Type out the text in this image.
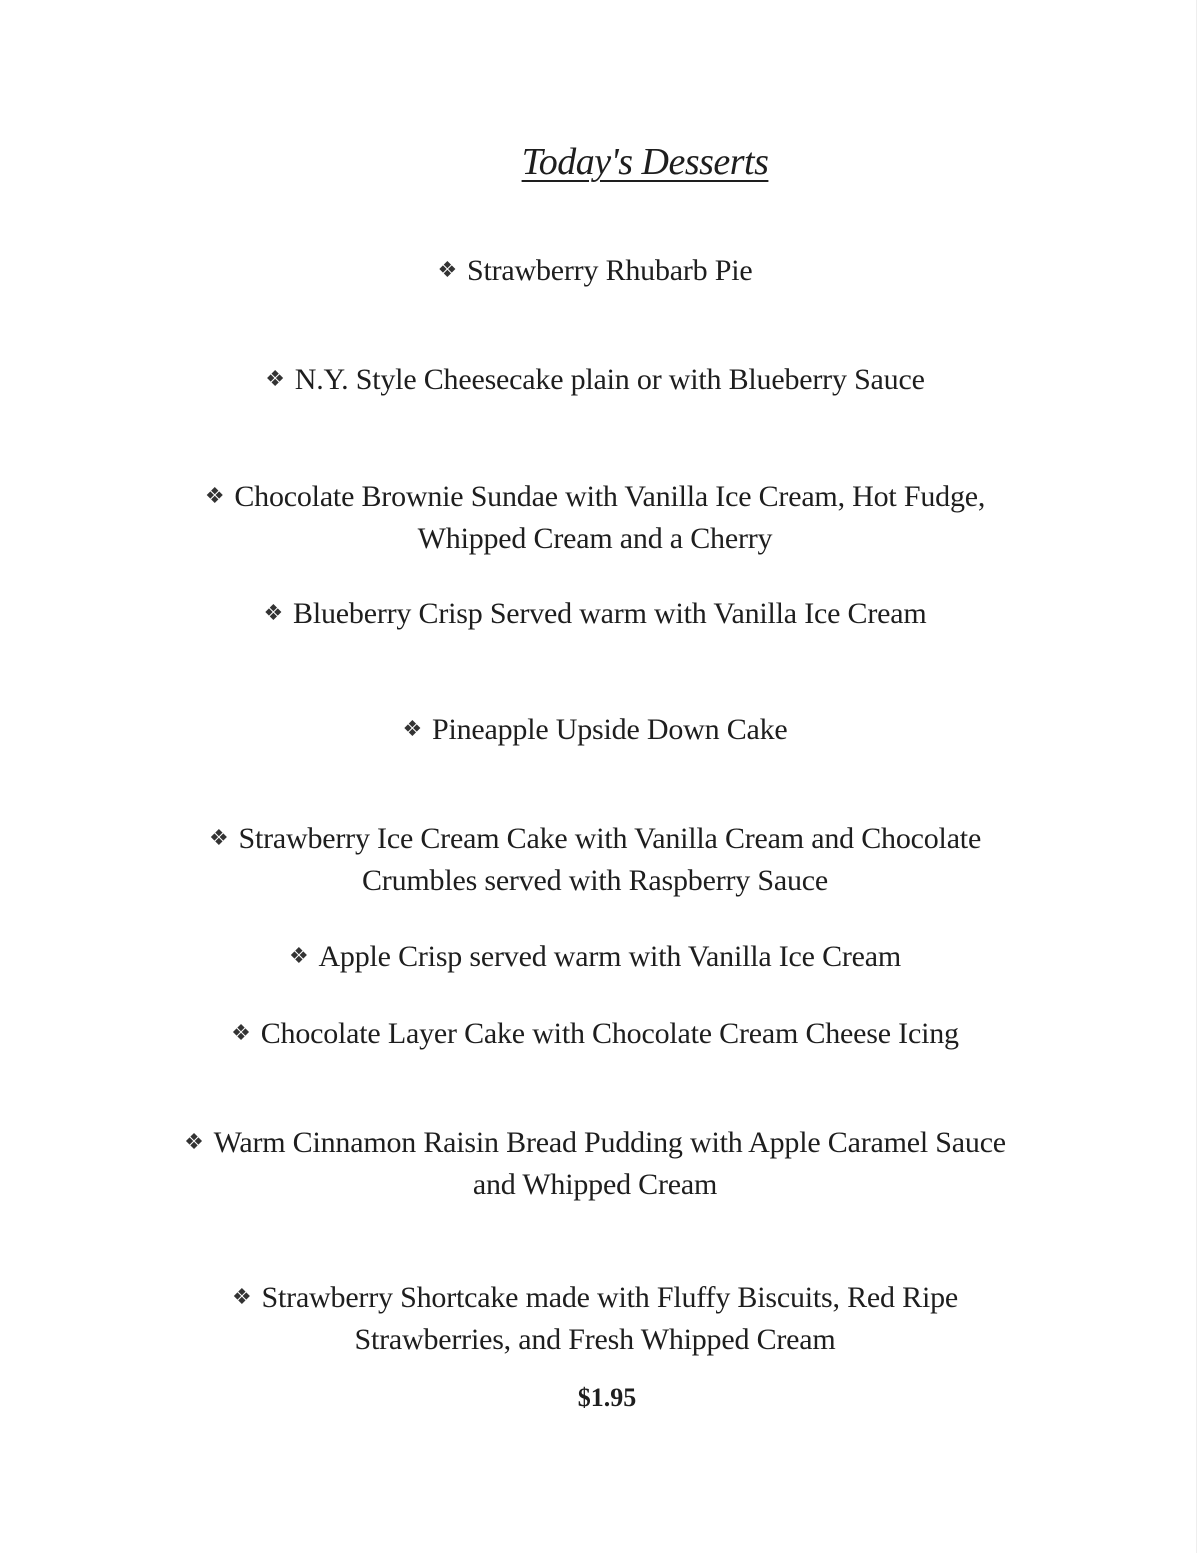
Today's Desserts
❖ Strawberry Rhubarb Pie
❖ N.Y. Style Cheesecake plain or with Blueberry Sauce
❖ Chocolate Brownie Sundae with Vanilla Ice Cream, Hot Fudge,
Whipped Cream and a Cherry
❖ Blueberry Crisp Served warm with Vanilla Ice Cream
❖ Pineapple Upside Down Cake
❖ Strawberry Ice Cream Cake with Vanilla Cream and Chocolate
Crumbles served with Raspberry Sauce
❖ Apple Crisp served warm with Vanilla Ice Cream
❖ Chocolate Layer Cake with Chocolate Cream Cheese Icing
❖ Warm Cinnamon Raisin Bread Pudding with Apple Caramel Sauce
and Whipped Cream
❖ Strawberry Shortcake made with Fluffy Biscuits, Red Ripe
Strawberries, and Fresh Whipped Cream
$1.95
